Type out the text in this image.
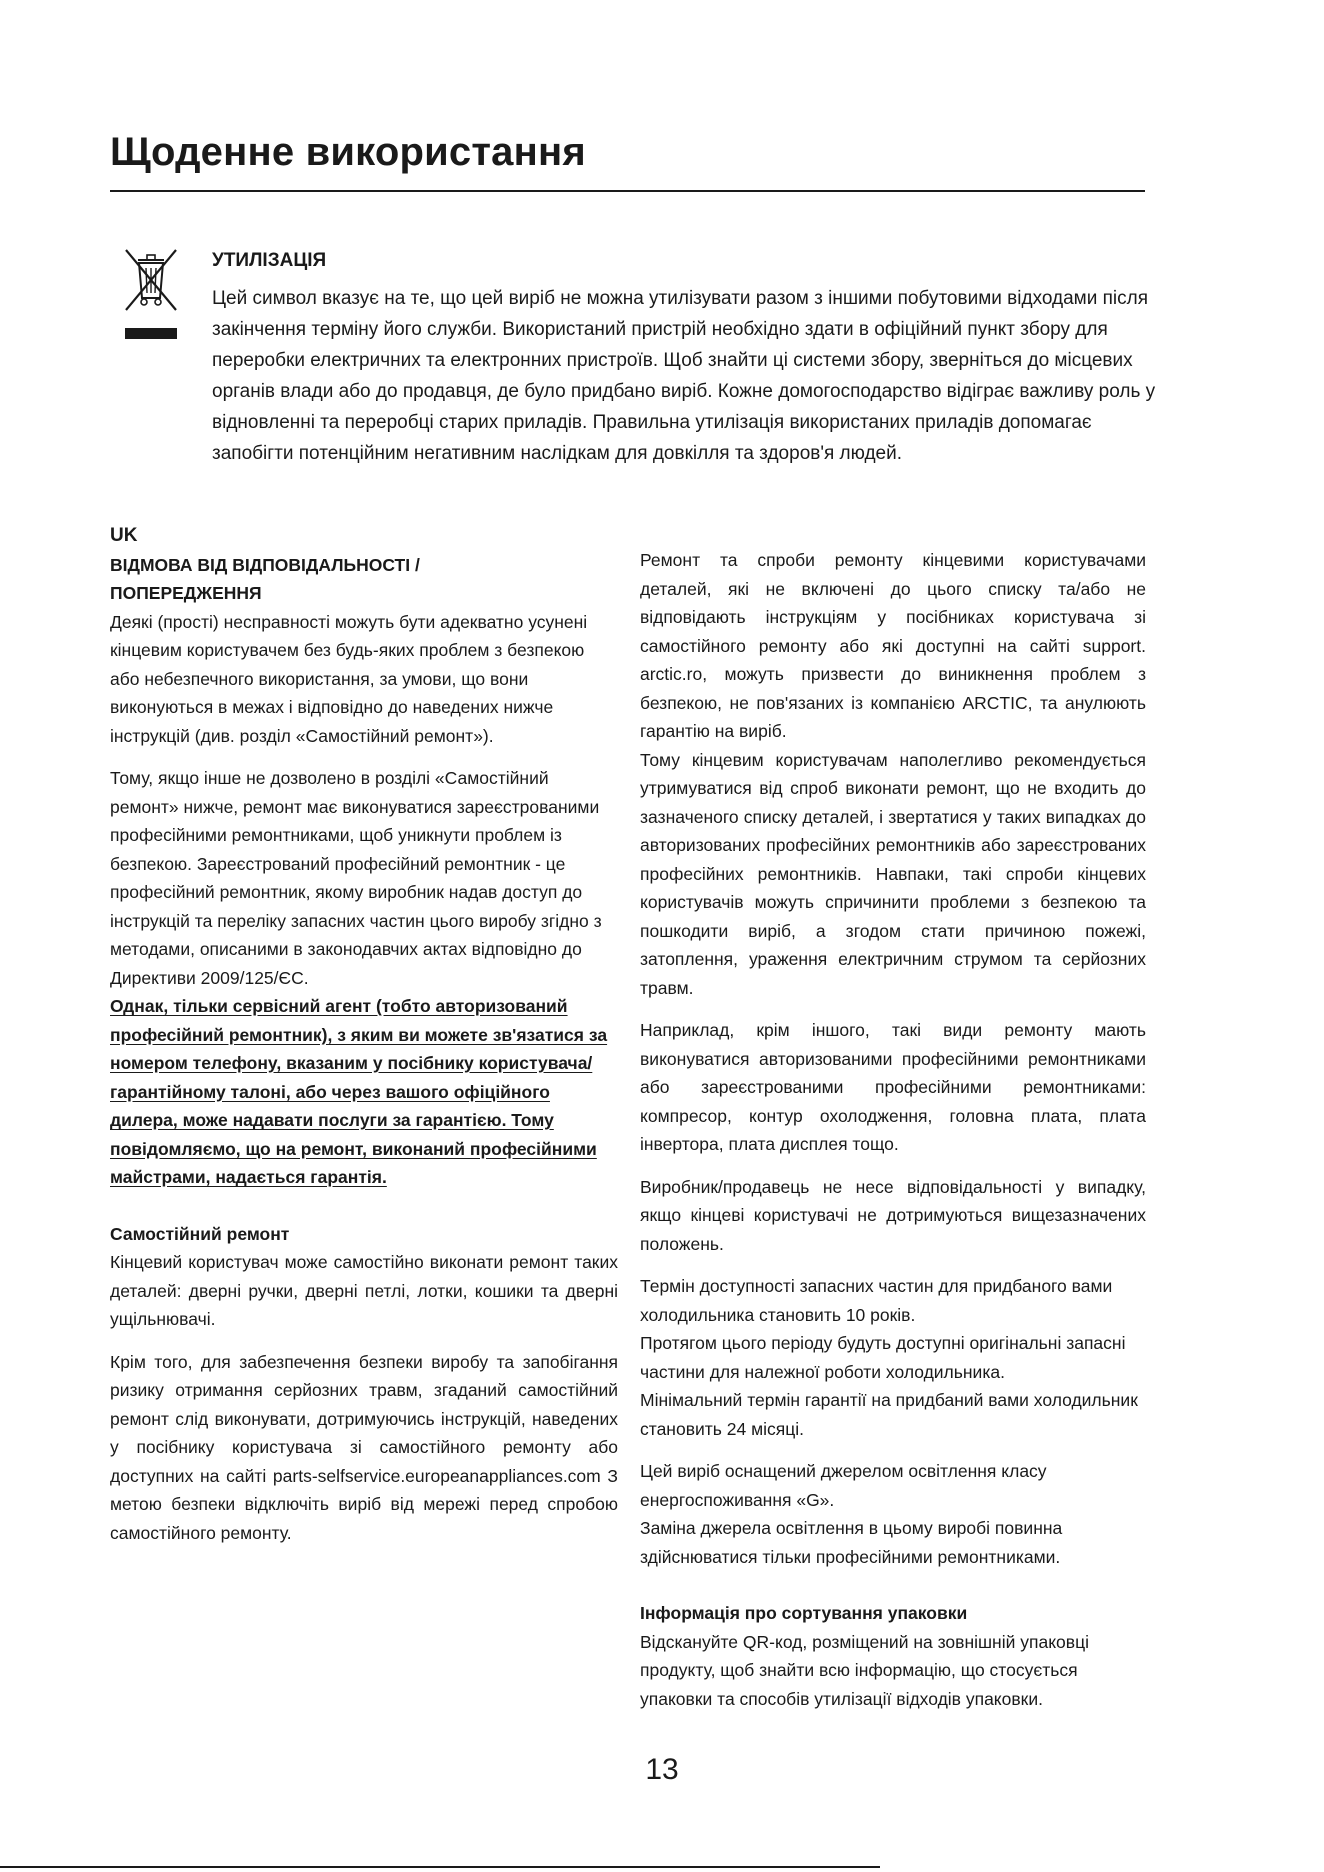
Щоденне використання
УТИЛІЗАЦІЯ
Цей символ вказує на те, що цей виріб не можна утилізувати разом з іншими побутовими відходами після закінчення терміну його служби. Використаний пристрій необхідно здати в офіційний пункт збору для переробки електричних та електронних пристроїв. Щоб знайти ці системи збору, зверніться до місцевих органів влади або до продавця, де було придбано виріб. Кожне домогосподарство відіграє важливу роль у відновленні та переробці старих приладів. Правильна утилізація використаних приладів допомагає запобігти потенційним негативним наслідкам для довкілля та здоров'я людей.

UK

ВІДМОВА ВІД ВІДПОВІДАЛЬНОСТІ / ПОПЕРЕДЖЕННЯ

Деякі (прості) несправності можуть бути адекватно усунені кінцевим користувачем без будь-яких проблем з безпекою або небезпечного використання, за умови, що вони виконуються в межах і відповідно до наведених нижче інструкцій (див. розділ «Самостійний ремонт»).

Тому, якщо інше не дозволено в розділі «Самостійний ремонт» нижче, ремонт має виконуватися зареєстрованими професійними ремонтниками, щоб уникнути проблем із безпекою. Зареєстрований професійний ремонтник - це професійний ремонтник, якому виробник надав доступ до інструкцій та переліку запасних частин цього виробу згідно з методами, описаними в законодавчих актах відповідно до Директиви 2009/125/ЄС.

Однак, тільки сервісний агент (тобто авторизований професійний ремонтник), з яким ви можете зв'язатися за номером телефону, вказаним у посібнику користувача/гарантійному талоні, або через вашого офіційного дилера, може надавати послуги за гарантією. Тому повідомляємо, що на ремонт, виконаний професійними майстрами, надається гарантія.

Самостійний ремонт

Кінцевий користувач може самостійно виконати ремонт таких деталей: дверні ручки, дверні петлі, лотки, кошики та дверні ущільнювачі.

Крім того, для забезпечення безпеки виробу та запобігання ризику отримання серйозних травм, згаданий самостійний ремонт слід виконувати, дотримуючись інструкцій, наведених у посібнику користувача зі самостійного ремонту або доступних на сайті parts-selfservice.europeanappliances.com З метою безпеки відключіть виріб від мережі перед спробою самостійного ремонту.

Ремонт та спроби ремонту кінцевими користувачами деталей, які не включені до цього списку та/або не відповідають інструкціям у посібниках користувача зі самостійного ремонту або які доступні на сайті support. arctic.ro, можуть призвести до виникнення проблем з безпекою, не пов'язаних із компанією ARCTIC, та анулюють гарантію на виріб.

Тому кінцевим користувачам наполегливо рекомендується утримуватися від спроб виконати ремонт, що не входить до зазначеного списку деталей, і звертатися у таких випадках до авторизованих професійних ремонтників або зареєстрованих професійних ремонтників. Навпаки, такі спроби кінцевих користувачів можуть спричинити проблеми з безпекою та пошкодити виріб, а згодом стати причиною пожежі, затоплення, ураження електричним струмом та серйозних травм.

Наприклад, крім іншого, такі види ремонту мають виконуватися авторизованими професійними ремонтниками або зареєстрованими професійними ремонтниками: компресор, контур охолодження, головна плата, плата інвертора, плата дисплея тощо.

Виробник/продавець не несе відповідальності у випадку, якщо кінцеві користувачі не дотримуються вищезазначених положень.

Термін доступності запасних частин для придбаного вами холодильника становить 10 років.

Протягом цього періоду будуть доступні оригінальні запасні частини для належної роботи холодильника.

Мінімальний термін гарантії на придбаний вами холодильник становить 24 місяці.

Цей виріб оснащений джерелом освітлення класу енергоспоживання «G».

Заміна джерела освітлення в цьому виробі повинна здійснюватися тільки професійними ремонтниками.

Інформація про сортування упаковки

Відскануйте QR-код, розміщений на зовнішній упаковці продукту, щоб знайти всю інформацію, що стосується упаковки та способів утилізації відходів упаковки.

13
